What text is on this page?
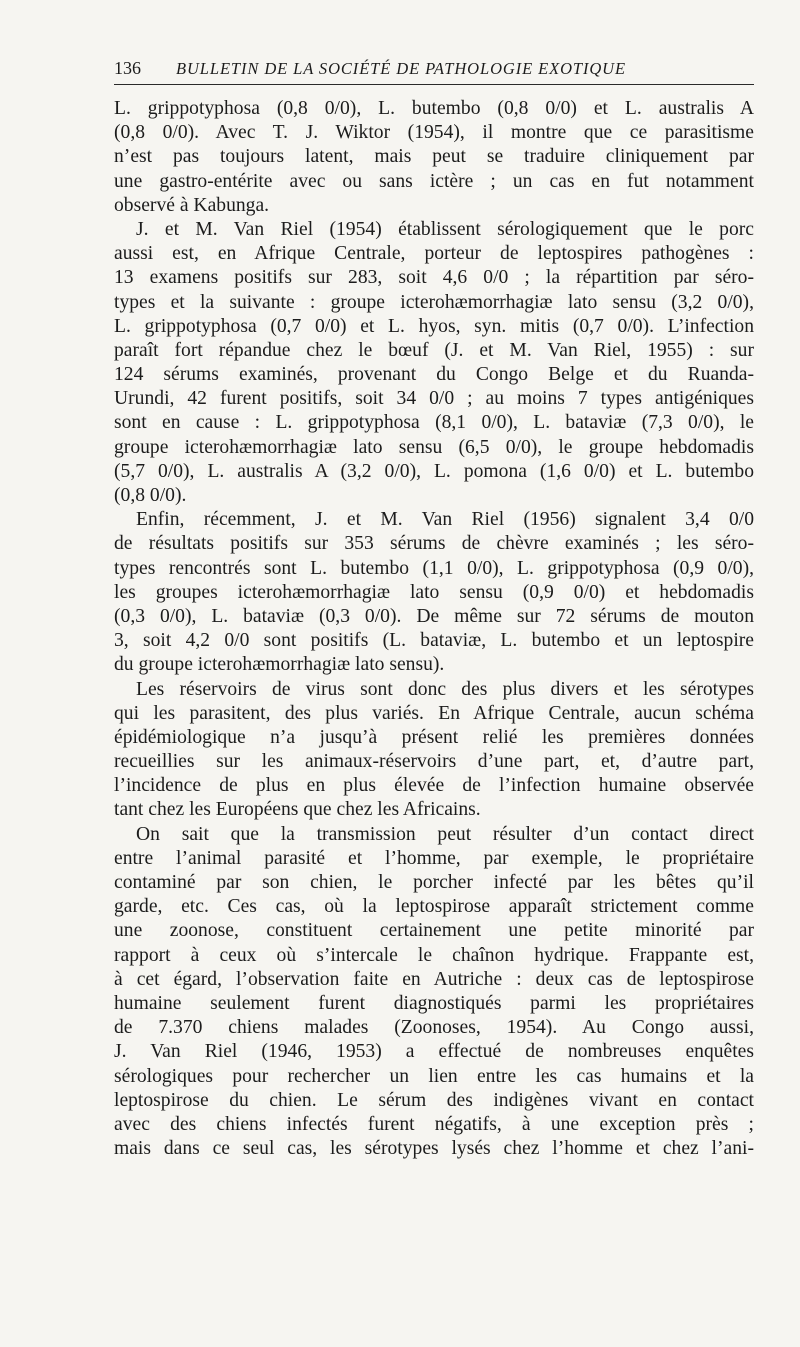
136 BULLETIN DE LA SOCIÉTÉ DE PATHOLOGIE EXOTIQUE
L. grippotyphosa (0,8 0/0), L. butembo (0,8 0/0) et L. australis A
(0,8 0/0). Avec T. J. Wiktor (1954), il montre que ce parasitisme
n’est pas toujours latent, mais peut se traduire cliniquement par
une gastro-entérite avec ou sans ictère ; un cas en fut notamment
observé à Kabunga.
J. et M. Van Riel (1954) établissent sérologiquement que le porc
aussi est, en Afrique Centrale, porteur de leptospires pathogènes :
13 examens positifs sur 283, soit 4,6 0/0 ; la répartition par séro-
types et la suivante : groupe icterohæmorrhagiæ lato sensu (3,2 0/0),
L. grippotyphosa (0,7 0/0) et L. hyos, syn. mitis (0,7 0/0). L’infection
paraît fort répandue chez le bœuf (J. et M. Van Riel, 1955) : sur
124 sérums examinés, provenant du Congo Belge et du Ruanda-
Urundi, 42 furent positifs, soit 34 0/0 ; au moins 7 types antigéniques
sont en cause : L. grippotyphosa (8,1 0/0), L. bataviæ (7,3 0/0), le
groupe icterohæmorrhagiæ lato sensu (6,5 0/0), le groupe hebdomadis
(5,7 0/0), L. australis A (3,2 0/0), L. pomona (1,6 0/0) et L. butembo
(0,8 0/0).
Enfin, récemment, J. et M. Van Riel (1956) signalent 3,4 0/0
de résultats positifs sur 353 sérums de chèvre examinés ; les séro-
types rencontrés sont L. butembo (1,1 0/0), L. grippotyphosa (0,9 0/0),
les groupes icterohæmorrhagiæ lato sensu (0,9 0/0) et hebdomadis
(0,3 0/0), L. bataviæ (0,3 0/0). De même sur 72 sérums de mouton
3, soit 4,2 0/0 sont positifs (L. bataviæ, L. butembo et un leptospire
du groupe icterohæmorrhagiæ lato sensu).
Les réservoirs de virus sont donc des plus divers et les sérotypes
qui les parasitent, des plus variés. En Afrique Centrale, aucun schéma
épidémiologique n’a jusqu’à présent relié les premières données
recueillies sur les animaux-réservoirs d’une part, et, d’autre part,
l’incidence de plus en plus élevée de l’infection humaine observée
tant chez les Européens que chez les Africains.
On sait que la transmission peut résulter d’un contact direct
entre l’animal parasité et l’homme, par exemple, le propriétaire
contaminé par son chien, le porcher infecté par les bêtes qu’il
garde, etc. Ces cas, où la leptospirose apparaît strictement comme
une zoonose, constituent certainement une petite minorité par
rapport à ceux où s’intercale le chaînon hydrique. Frappante est,
à cet égard, l’observation faite en Autriche : deux cas de leptospirose
humaine seulement furent diagnostiqués parmi les propriétaires
de 7.370 chiens malades (Zoonoses, 1954). Au Congo aussi,
J. Van Riel (1946, 1953) a effectué de nombreuses enquêtes
sérologiques pour rechercher un lien entre les cas humains et la
leptospirose du chien. Le sérum des indigènes vivant en contact
avec des chiens infectés furent négatifs, à une exception près ;
mais dans ce seul cas, les sérotypes lysés chez l’homme et chez l’ani-
